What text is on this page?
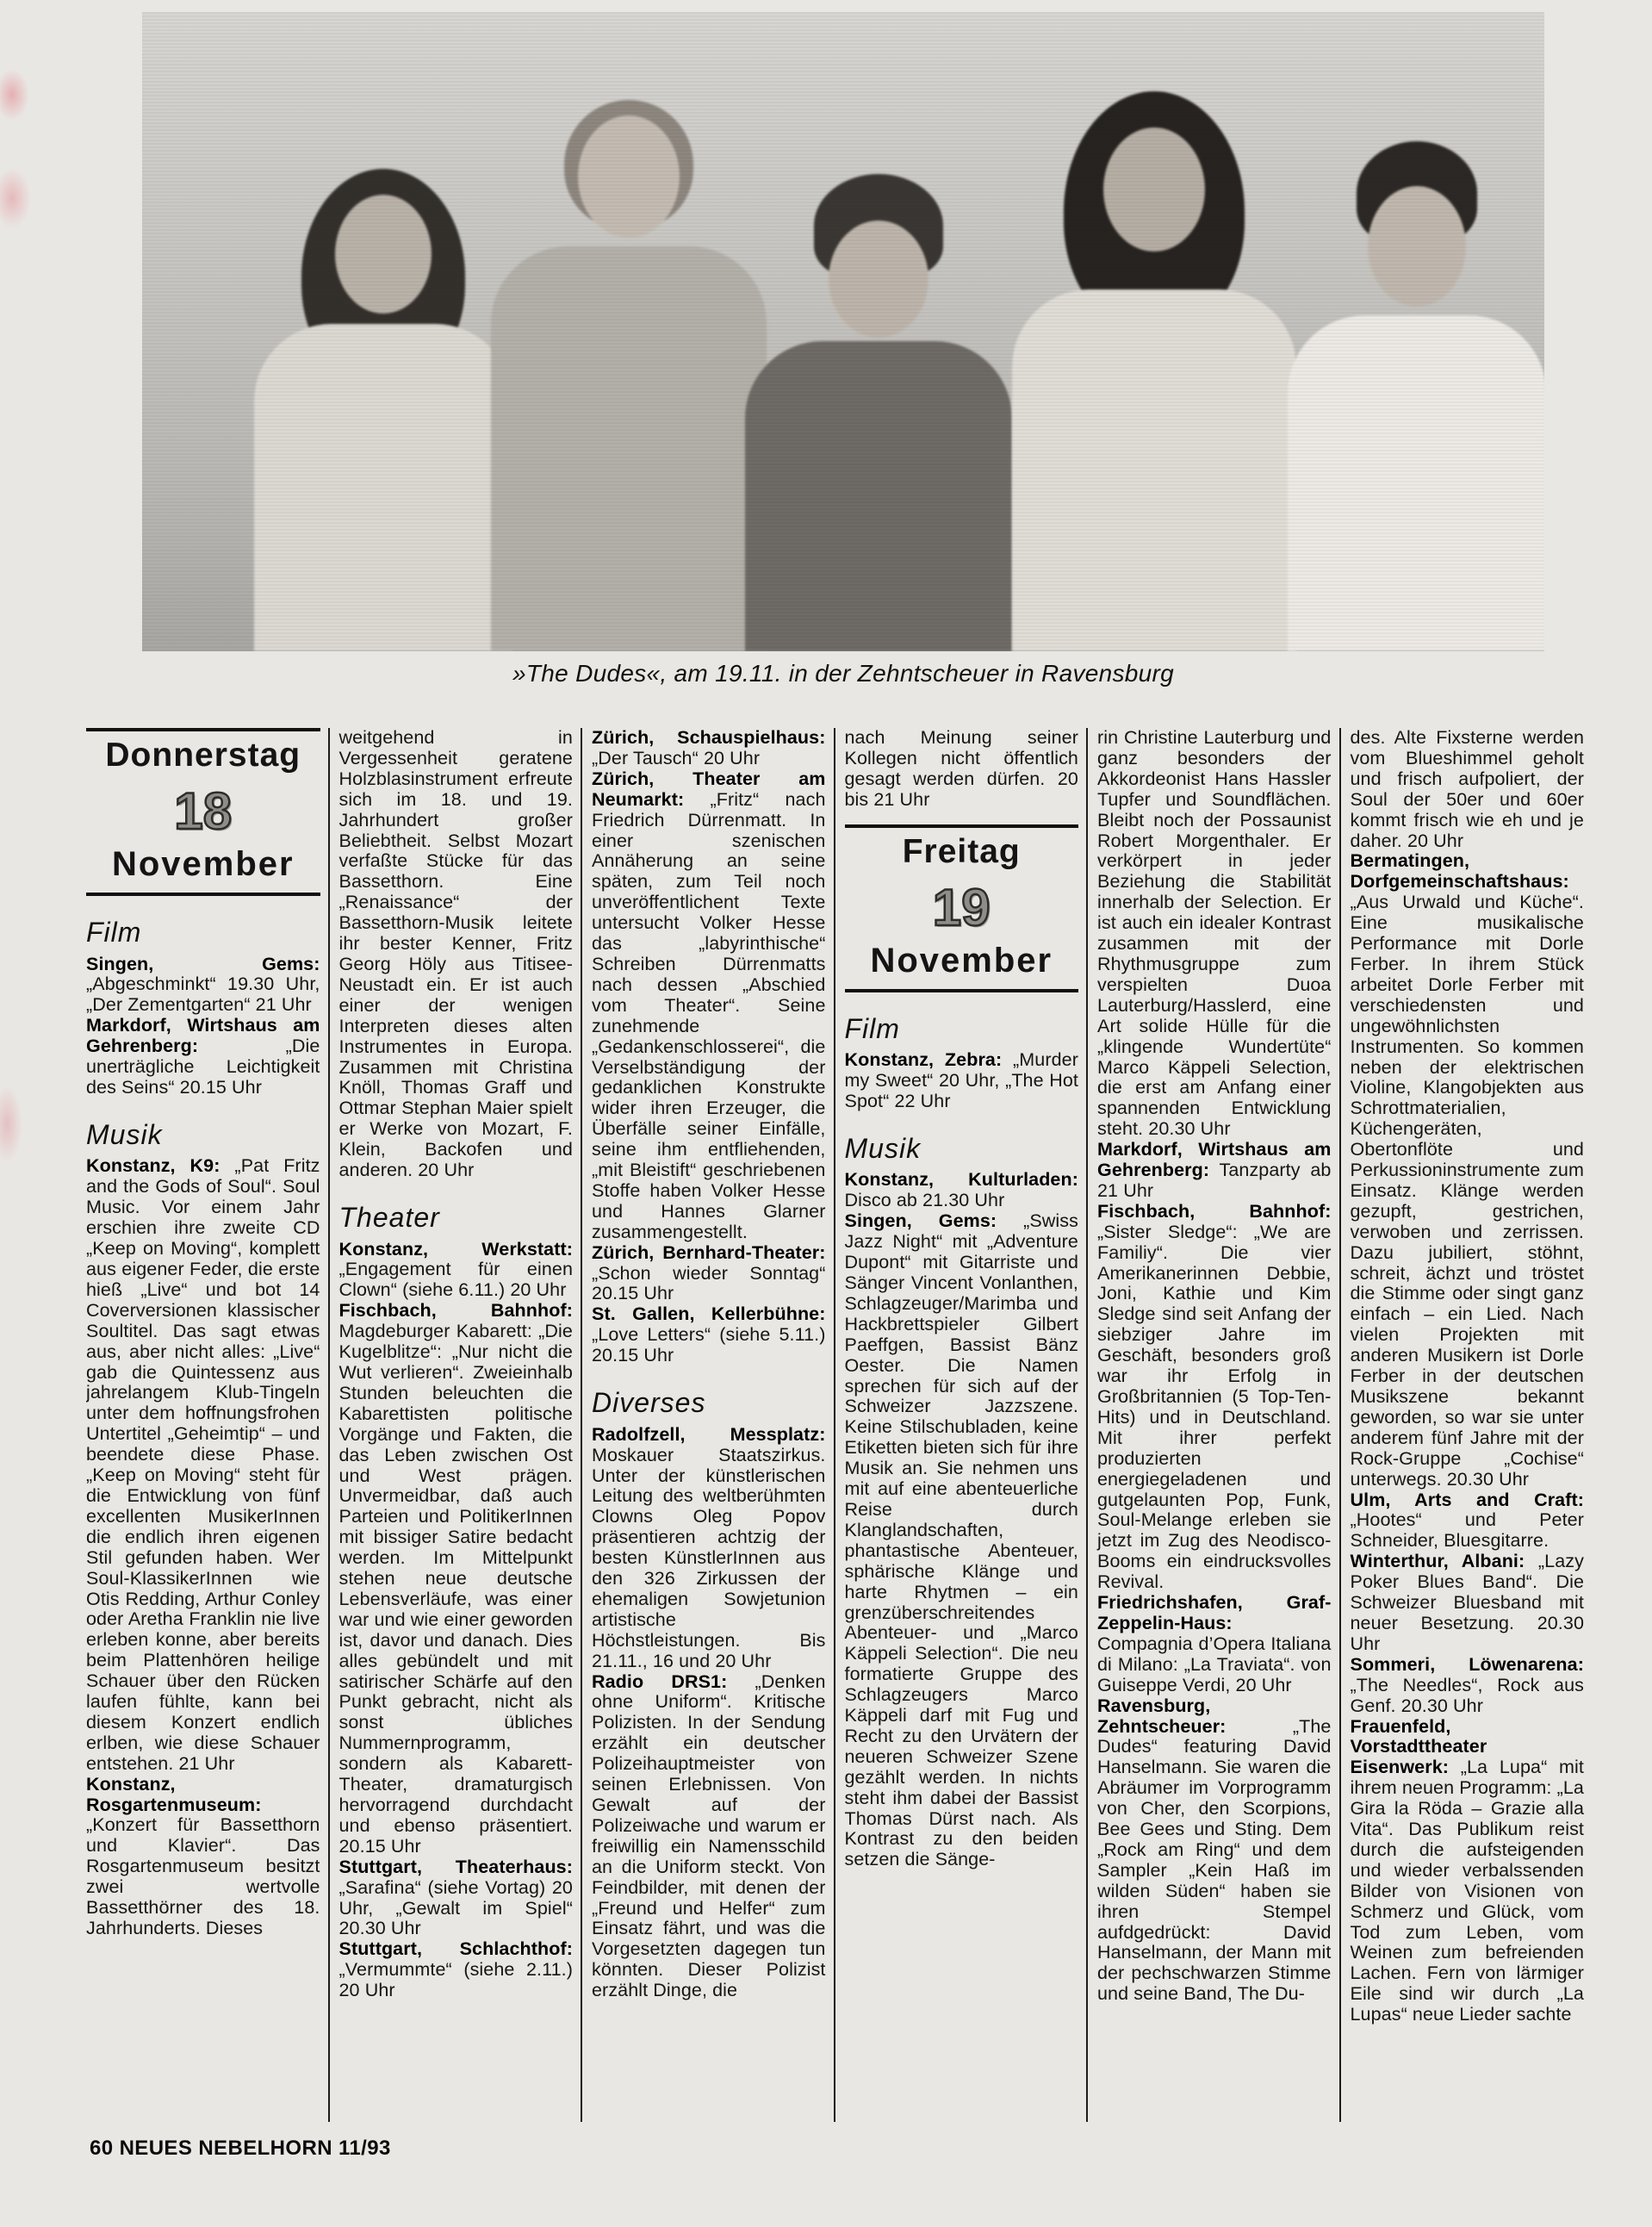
»The Dudes«, am 19.11. in der Zehntscheuer in Ravensburg
Donnerstag
18
November
Film

Singen, Gems: „Abgeschminkt“ 19.30 Uhr, „Der Zementgarten“ 21 Uhr

Markdorf, Wirtshaus am Gehrenberg: „Die unerträgliche Leichtigkeit des Seins“ 20.15 Uhr

Musik

Konstanz, K9: „Pat Fritz and the Gods of Soul“. Soul Music. Vor einem Jahr erschien ihre zweite CD „Keep on Moving“, komplett aus eigener Feder, die erste hieß „Live“ und bot 14 Coverversionen klassischer Soultitel. Das sagt etwas aus, aber nicht alles: „Live“ gab die Quintessenz aus jahrelangem Klub-Tingeln unter dem hoffnungsfrohen Untertitel „Geheimtip“ – und beendete diese Phase. „Keep on Moving“ steht für die Entwicklung von fünf excellenten MusikerInnen die endlich ihren eigenen Stil gefunden haben. Wer Soul-KlassikerInnen wie Otis Redding, Arthur Conley oder Aretha Franklin nie live erleben konne, aber bereits beim Plattenhören heilige Schauer über den Rücken laufen fühlte, kann bei diesem Konzert endlich erlben, wie diese Schauer entstehen. 21 Uhr

Konstanz, Rosgartenmuseum: „Konzert für Bassetthorn und Klavier“. Das Rosgartenmuseum besitzt zwei wertvolle Bassetthörner des 18. Jahrhunderts. Dieses

weitgehend in Vergessenheit geratene Holzblasinstrument erfreute sich im 18. und 19. Jahrhundert großer Beliebtheit. Selbst Mozart verfaßte Stücke für das Bassetthorn. Eine „Renaissance“ der Bassetthorn-Musik leitete ihr bester Kenner, Fritz Georg Höly aus Titisee-Neustadt ein. Er ist auch einer der wenigen Interpreten dieses alten Instrumentes in Europa. Zusammen mit Christina Knöll, Thomas Graff und Ottmar Stephan Maier spielt er Werke von Mozart, F. Klein, Backofen und anderen. 20 Uhr

Theater

Konstanz, Werkstatt: „Engagement für einen Clown“ (siehe 6.11.) 20 Uhr

Fischbach, Bahnhof: Magdeburger Kabarett: „Die Kugelblitze“: „Nur nicht die Wut verlieren“. Zweieinhalb Stunden beleuchten die Kabarettisten politische Vorgänge und Fakten, die das Leben zwischen Ost und West prägen. Unvermeidbar, daß auch Parteien und PolitikerInnen mit bissiger Satire bedacht werden. Im Mittelpunkt stehen neue deutsche Lebensverläufe, was einer war und wie einer geworden ist, davor und danach. Dies alles gebündelt und mit satirischer Schärfe auf den Punkt gebracht, nicht als sonst übliches Nummernprogramm, sondern als Kabarett-Theater, dramaturgisch hervorragend durchdacht und ebenso präsentiert. 20.15 Uhr

Stuttgart, Theaterhaus: „Sarafina“ (siehe Vortag) 20 Uhr, „Gewalt im Spiel“ 20.30 Uhr

Stuttgart, Schlachthof: „Vermummte“ (siehe 2.11.) 20 Uhr

Zürich, Schauspielhaus: „Der Tausch“ 20 Uhr

Zürich, Theater am Neumarkt: „Fritz“ nach Friedrich Dürrenmatt. In einer szenischen Annäherung an seine späten, zum Teil noch unveröffentlichent Texte untersucht Volker Hesse das „labyrinthische“ Schreiben Dürrenmatts nach dessen „Abschied vom Theater“. Seine zunehmende „Gedankenschlosserei“, die Verselbständigung der gedanklichen Konstrukte wider ihren Erzeuger, die Überfälle seiner Einfälle, seine ihm entfliehenden, „mit Bleistift“ geschriebenen Stoffe haben Volker Hesse und Hannes Glarner zusammengestellt.

Zürich, Bernhard-Theater: „Schon wieder Sonntag“ 20.15 Uhr

St. Gallen, Kellerbühne: „Love Letters“ (siehe 5.11.) 20.15 Uhr

Diverses

Radolfzell, Messplatz: Moskauer Staatszirkus. Unter der künstlerischen Leitung des weltberühmten Clowns Oleg Popov präsentieren achtzig der besten KünstlerInnen aus den 326 Zirkussen der ehemaligen Sowjetunion artistische Höchstleistungen. Bis 21.11., 16 und 20 Uhr

Radio DRS1: „Denken ohne Uniform“. Kritische Polizisten. In der Sendung erzählt ein deutscher Polizeihauptmeister von seinen Erlebnissen. Von Gewalt auf der Polizeiwache und warum er freiwillig ein Namensschild an die Uniform steckt. Von Feindbilder, mit denen der „Freund und Helfer“ zum Einsatz fährt, und was die Vorgesetzten dagegen tun könnten. Dieser Polizist erzählt Dinge, die

nach Meinung seiner Kollegen nicht öffentlich gesagt werden dürfen. 20 bis 21 Uhr

Freitag
19
November
Film

Konstanz, Zebra: „Murder my Sweet“ 20 Uhr, „The Hot Spot“ 22 Uhr

Musik

Konstanz, Kulturladen: Disco ab 21.30 Uhr

Singen, Gems: „Swiss Jazz Night“ mit „Adventure Dupont“ mit Gitarriste und Sänger Vincent Vonlanthen, Schlagzeuger/Marimba und Hackbrettspieler Gilbert Paeffgen, Bassist Bänz Oester. Die Namen sprechen für sich auf der Schweizer Jazzszene. Keine Stilschubladen, keine Etiketten bieten sich für ihre Musik an. Sie nehmen uns mit auf eine abenteuerliche Reise durch Klanglandschaften, phantastische Abenteuer, sphärische Klänge und harte Rhytmen – ein grenzüberschreitendes Abenteuer- und „Marco Käppeli Selection“. Die neu formatierte Gruppe des Schlagzeugers Marco Käppeli darf mit Fug und Recht zu den Urvätern der neueren Schweizer Szene gezählt werden. In nichts steht ihm dabei der Bassist Thomas Dürst nach. Als Kontrast zu den beiden setzen die Sänge-

rin Christine Lauterburg und ganz besonders der Akkordeonist Hans Hassler Tupfer und Soundflächen. Bleibt noch der Possaunist Robert Morgenthaler. Er verkörpert in jeder Beziehung die Stabilität innerhalb der Selection. Er ist auch ein idealer Kontrast zusammen mit der Rhythmusgruppe zum verspielten Duoa Lauterburg/Hasslerd, eine Art solide Hülle für die „klingende Wundertüte“ Marco Käppeli Selection, die erst am Anfang einer spannenden Entwicklung steht. 20.30 Uhr

Markdorf, Wirtshaus am Gehrenberg: Tanzparty ab 21 Uhr

Fischbach, Bahnhof: „Sister Sledge“: „We are Familiy“. Die vier Amerikanerinnen Debbie, Joni, Kathie und Kim Sledge sind seit Anfang der siebziger Jahre im Geschäft, besonders groß war ihr Erfolg in Großbritannien (5 Top-Ten-Hits) und in Deutschland. Mit ihrer perfekt produzierten energiegeladenen und gutgelaunten Pop, Funk, Soul-Melange erleben sie jetzt im Zug des Neodisco-Booms ein eindrucksvolles Revival.

Friedrichshafen, Graf-Zeppelin-Haus: Compagnia d’Opera Italiana di Milano: „La Traviata“. von Guiseppe Verdi, 20 Uhr

Ravensburg, Zehntscheuer: „The Dudes“ featuring David Hanselmann. Sie waren die Abräumer im Vorprogramm von Cher, den Scorpions, Bee Gees und Sting. Dem „Rock am Ring“ und dem Sampler „Kein Haß im wilden Süden“ haben sie ihren Stempel aufdgedrückt: David Hanselmann, der Mann mit der pechschwarzen Stimme und seine Band, The Du-

des. Alte Fixsterne werden vom Blueshimmel geholt und frisch aufpoliert, der Soul der 50er und 60er kommt frisch wie eh und je daher. 20 Uhr

Bermatingen, Dorfgemeinschaftshaus: „Aus Urwald und Küche“. Eine musikalische Performance mit Dorle Ferber. In ihrem Stück arbeitet Dorle Ferber mit verschiedensten und ungewöhnlichsten Instrumenten. So kommen neben der elektrischen Violine, Klangobjekten aus Schrottmaterialien, Küchengeräten, Obertonflöte und Perkussioninstrumente zum Einsatz. Klänge werden gezupft, gestrichen, verwoben und zerrissen. Dazu jubiliert, stöhnt, schreit, ächzt und tröstet die Stimme oder singt ganz einfach – ein Lied. Nach vielen Projekten mit anderen Musikern ist Dorle Ferber in der deutschen Musikszene bekannt geworden, so war sie unter anderem fünf Jahre mit der Rock-Gruppe „Cochise“ unterwegs. 20.30 Uhr

Ulm, Arts and Craft: „Hootes“ und Peter Schneider, Bluesgitarre.

Winterthur, Albani: „Lazy Poker Blues Band“. Die Schweizer Bluesband mit neuer Besetzung. 20.30 Uhr

Sommeri, Löwenarena: „The Needles“, Rock aus Genf. 20.30 Uhr

Frauenfeld, Vorstadttheater Eisenwerk: „La Lupa“ mit ihrem neuen Programm: „La Gira la Röda – Grazie alla Vita“. Das Publikum reist durch die aufsteigenden und wieder verbalssenden Bilder von Visionen von Schmerz und Glück, vom Tod zum Leben, vom Weinen zum befreienden Lachen. Fern von lärmiger Eile sind wir durch „La Lupas“ neue Lieder sachte

60 NEUES NEBELHORN 11/93
